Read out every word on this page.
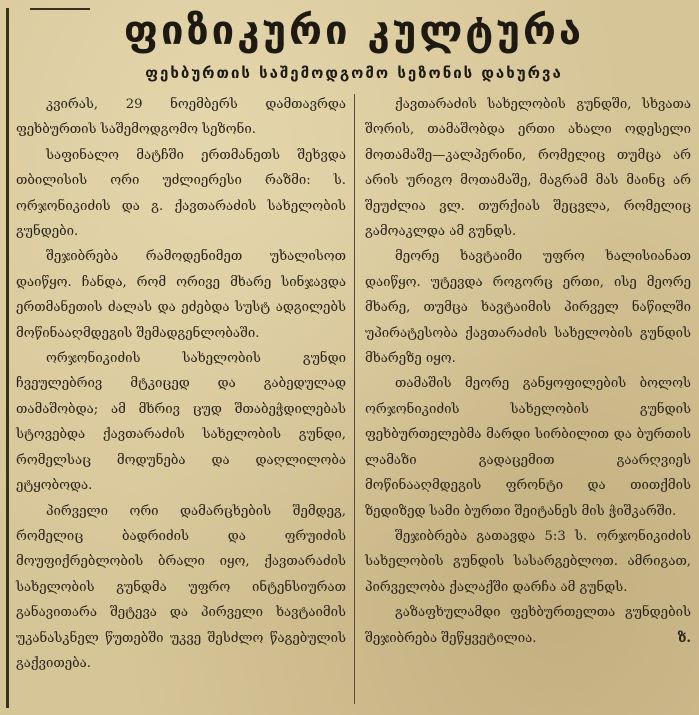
ფიზიკური კულტურა
ფეხბურთის საშემოდგომო სეზონის დახურვა

კვირას, 29 ნოემბერს დამთავრდა ფეხბურთის საშემოდგომო სეზონი.

საფინალო მატჩში ერთმანეთს შეხვდა თბილისის ორი უძლიერესი რაზმი: ს. ორჯონიკიძის და გ. ქავთარაძის სახელობის გუნდები.

შეჯიბრება რამოდენიმეთ უხალისოთ დაიწყო. ჩანდა, რომ ორივე მხარე სინჯავდა ერთმანეთის ძალას და ეძებდა სუსტ ადგილებს მოწინააღმდეგის შემადგენლობაში.

ორჯონიკიძის სახელობის გუნდი ჩვეულებრივ მტკიცედ და გაბედულად თამაშობდა; ამ მხრივ ცუდ შთაბეჭდილებას სტოვებდა ქავთარაძის სახელობის გუნდი, რომელსაც მოდუნება და დაღლილობა ეტყობოდა.

პირველი ორი დამარცხების შემდეგ, რომელიც ბადრიძის და ფრუიძის მოუფიქრებლობის ბრალი იყო, ქავთარაძის სახელობის გუნდმა უფრო ინტენსიურათ განავითარა შეტევა და პირველი ხავტაიმის უკანასკნელ წუთებში უკვე შესძლო წაგებულის გაქვითება.

ქავთარაძის სახელობის გუნდში, სხვათა შორის, თამაშობდა ერთი ახალი ოდესელი მოთამაშე—კალპერინი, რომელიც თუმცა არ არის ურიგო მოთამაშე, მაგრამ მას მაინც არ შეუძლია ვლ. თურქიას შეცვლა, რომელიც გამოაკლდა ამ გუნდს.

მეორე ხავტაიმი უფრო ხალისიანათ დაიწყო. უტევდა როგორც ერთი, ისე მეორე მხარე, თუმცა ხავტაიმის პირველ ნაწილში უპირატესობა ქავთარაძის სახელობის გუნდის მხარეზე იყო.

თამაშის მეორე განყოფილების ბოლოს ორჯონიკიძის სახელობის გუნდის ფეხბურთელებმა მარდი სირბილით და ბურთის ლამაზი გადაცემით გაარღვიეს მოწინააღმდეგის ფრონტი და თითქმის ზედიზედ სამი ბურთი შეიტანეს მის ჭიშკარში.

შეჯიბრება გათავდა 5:3 ს. ორჯონიკიძის სახელობის გუნდის სასარგებლოთ. ამრიგათ, პირველობა ქალაქში დარჩა ამ გუნდს.

გაზაფხულამდი ფეხბურთელთა გუნდების შეჯიბრება შეწყვეტილია.	ზ.
